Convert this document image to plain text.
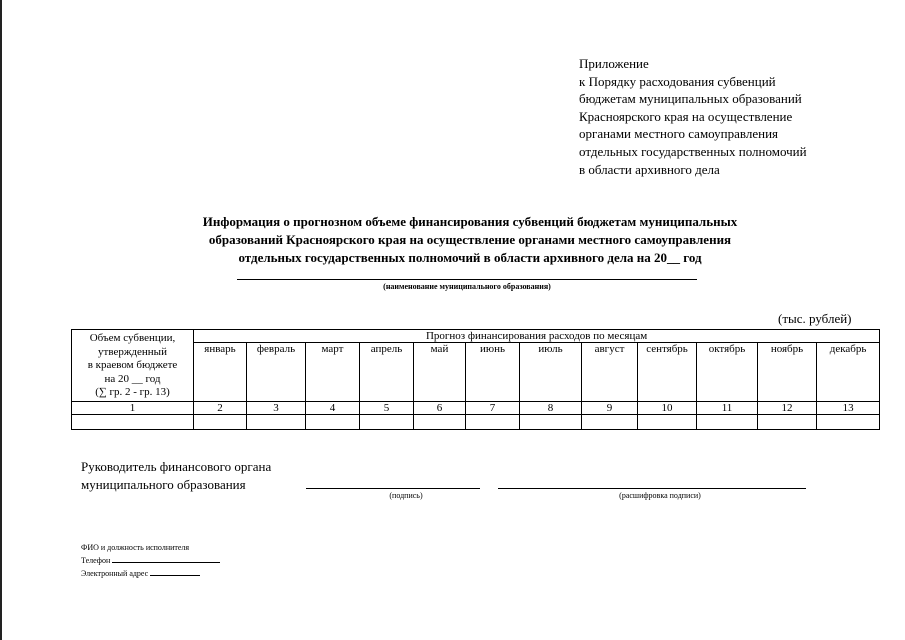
Приложение
к Порядку расходования субвенций
бюджетам муниципальных образований
Красноярского края на осуществление
органами местного самоуправления
отдельных государственных полномочий
в области архивного дела
Информация о прогнозном объеме финансирования субвенций бюджетам муниципальных
образований Красноярского края на осуществление органами местного самоуправления
отдельных государственных полномочий в области архивного дела на 20__ год
(наименование муниципального образования)
(тыс. рублей)
Объем субвенции,
утвержденный
в краевом бюджете
на 20 __ год
(∑ гр. 2 - гр. 13)	Прогноз финансирования расходов по месяцам											
	январь	февраль	март	апрель	май	июнь	июль	август	сентябрь	октябрь	ноябрь	декабрь
1	2	3	4	5	6	7	8	9	10	11	12	13

Руководитель финансового органа
муниципального образования
(подпись)	(расшифровка подписи)
ФИО и должность исполнителя
Телефон
Электронный адрес
